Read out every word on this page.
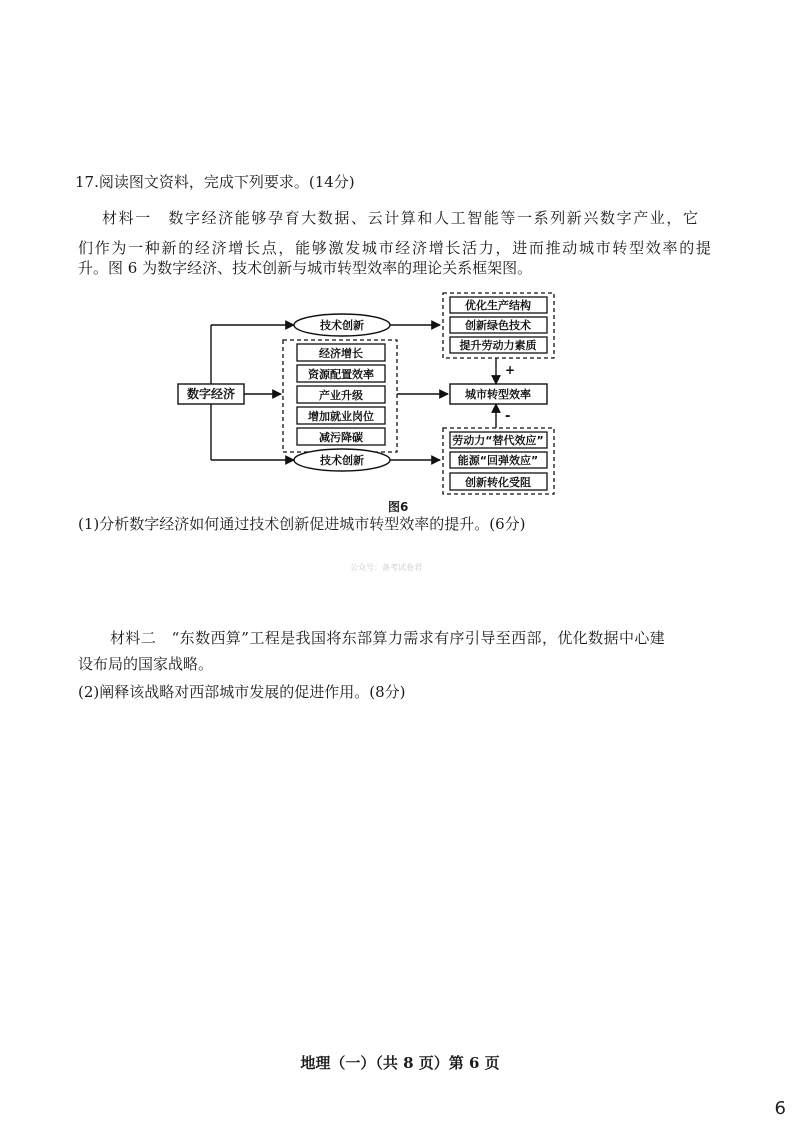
17.阅读图文资料，完成下列要求。(14分)
材料一　数字经济能够孕育大数据、云计算和人工智能等一系列新兴数字产业，它
们作为一种新的经济增长点，能够激发城市经济增长活力，进而推动城市转型效率的提
升。图 6 为数字经济、技术创新与城市转型效率的理论关系框架图。
数字经济
技术创新
技术创新
经济增长
资源配置效率
产业升级
增加就业岗位
减污降碳
优化生产结构
创新绿色技术
提升劳动力素质
城市转型效率
+
-
劳动力“替代效应”
能源“回弹效应”
创新转化受阻
图6
(1)分析数字经济如何通过技术创新促进城市转型效率的提升。(6分)
公众号：备考试卷君
材料二　“东数西算”工程是我国将东部算力需求有序引导至西部，优化数据中心建
设布局的国家战略。
(2)阐释该战略对西部城市发展的促进作用。(8分)
地理（一）（共 8 页）第 6 页
6
